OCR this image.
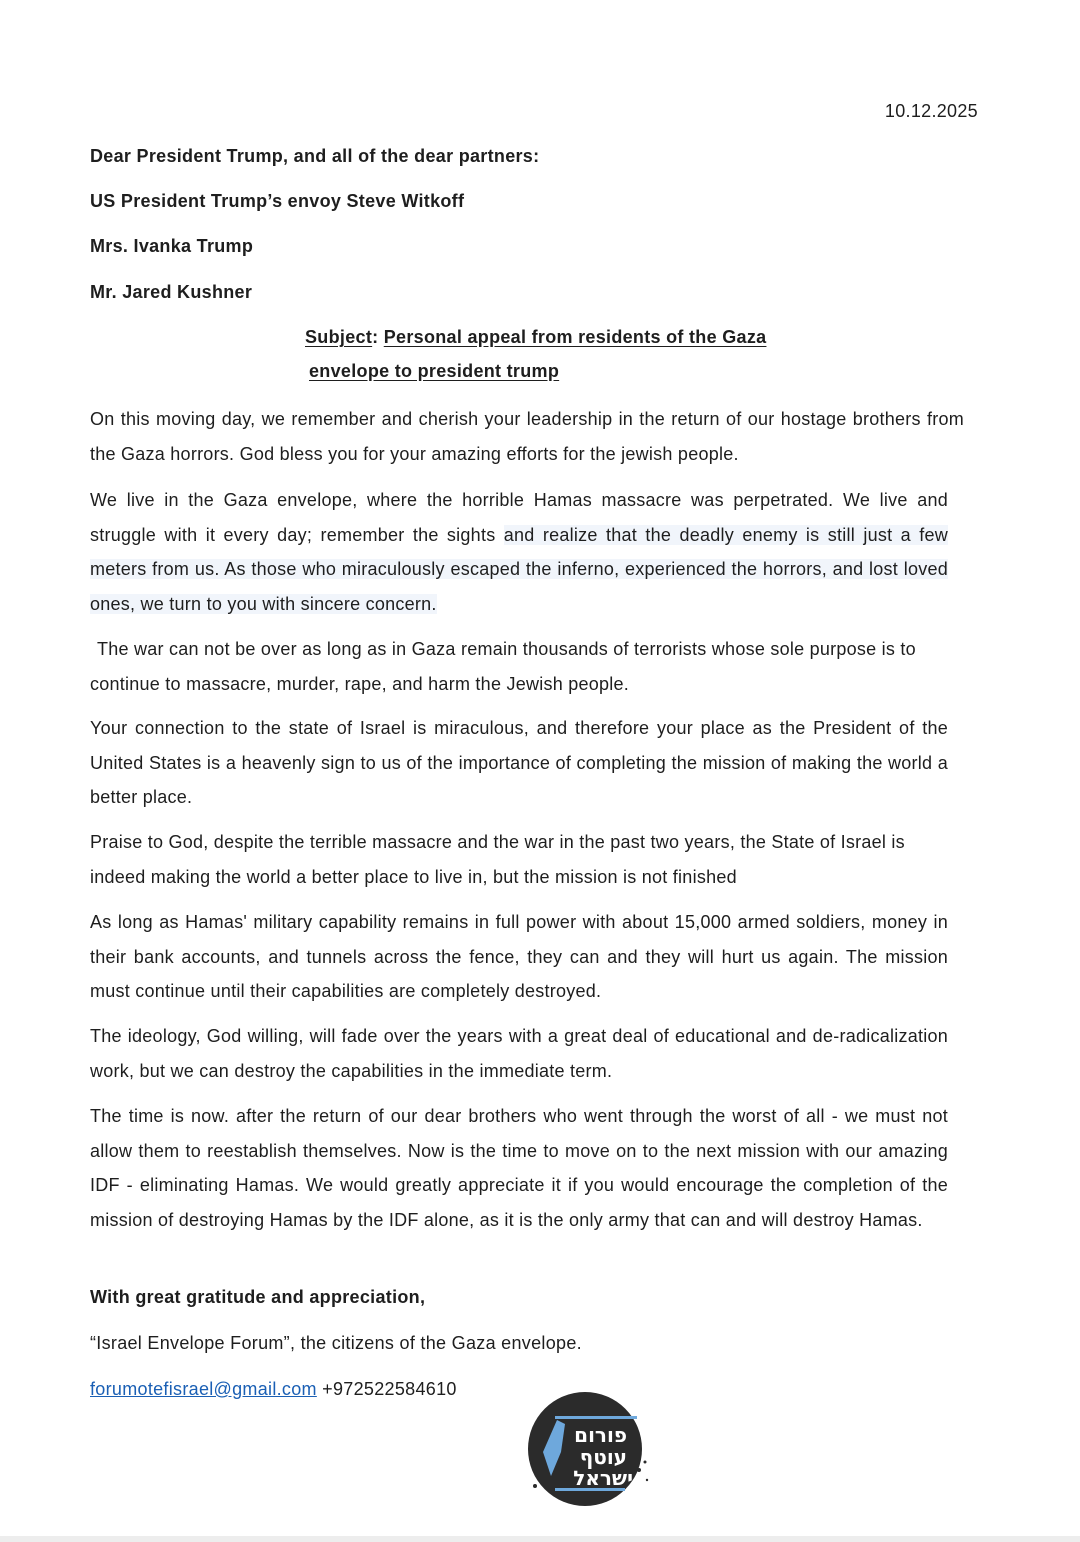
10.12.2025
Dear President Trump, and all of the dear partners:
US President Trump’s envoy Steve Witkoff
Mrs. Ivanka Trump
Mr. Jared Kushner
Subject: Personal appeal from residents of the Gaza
envelope to president trump

On this moving day, we remember and cherish your leadership in the return of our hostage brothers from the Gaza horrors. God bless you for your amazing efforts for the jewish people.

We live in the Gaza envelope, where the horrible Hamas massacre was perpetrated. We live and struggle with it every day; remember the sights and realize that the deadly enemy is still just a few meters from us. As those who miraculously escaped the inferno, experienced the horrors, and lost loved ones, we turn to you with sincere concern.

The war can not be over as long as in Gaza remain thousands of terrorists whose sole purpose is to continue to massacre, murder, rape, and harm the Jewish people.

Your connection to the state of Israel is miraculous, and therefore your place as the President of the United States is a heavenly sign to us of the importance of completing the mission of making the world a better place.

Praise to God, despite the terrible massacre and the war in the past two years, the State of Israel is indeed making the world a better place to live in, but the mission is not finished

As long as Hamas' military capability remains in full power with about 15,000 armed soldiers, money in their bank accounts, and tunnels across the fence, they can and they will hurt us again. The mission must continue until their capabilities are completely destroyed.

The ideology, God willing, will fade over the years with a great deal of educational and de-radicalization work, but we can destroy the capabilities in the immediate term.

The time is now. after the return of our dear brothers who went through the worst of all - we must not allow them to reestablish themselves. Now is the time to move on to the next mission with our amazing IDF - eliminating Hamas. We would greatly appreciate it if you would encourage the completion of the mission of destroying Hamas by the IDF alone, as it is the only army that can and will destroy Hamas.

With great gratitude and appreciation,
“Israel Envelope Forum”, the citizens of the Gaza envelope.
forumotefisrael@gmail.com +972522584610
פורום
עוטף
ישראל
